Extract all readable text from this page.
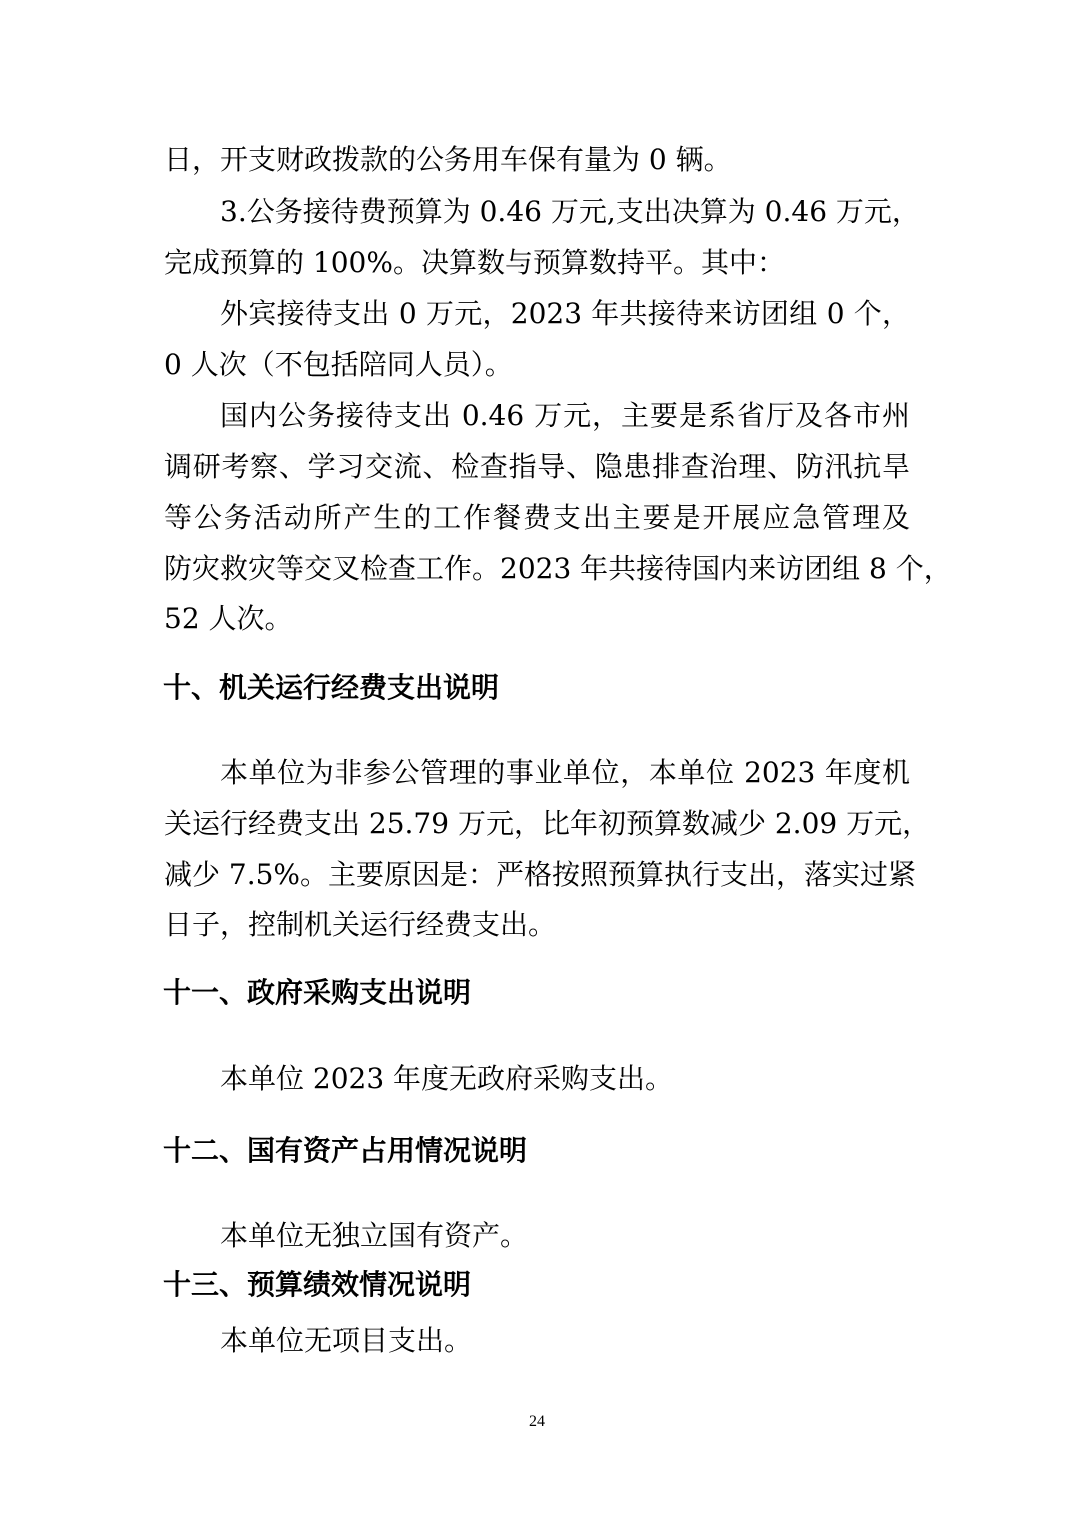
日，开支财政拨款的公务用车保有量为 0 辆。
3.公务接待费预算为 0.46 万元,支出决算为 0.46 万元，
完成预算的 100%。决算数与预算数持平。其中：
外宾接待支出 0 万元，2023 年共接待来访团组 0 个，
0 人次（不包括陪同人员）。
国内公务接待支出 0.46 万元，主要是系省厅及各市州
调研考察、学习交流、检查指导、隐患排查治理、防汛抗旱
等公务活动所产生的工作餐费支出主要是开展应急管理及
防灾救灾等交叉检查工作。2023 年共接待国内来访团组 8 个，
52 人次。
十、机关运行经费支出说明
本单位为非参公管理的事业单位，本单位 2023 年度机
关运行经费支出 25.79 万元，比年初预算数减少 2.09 万元，
减少 7.5%。主要原因是：严格按照预算执行支出，落实过紧
日子，控制机关运行经费支出。
十一、政府采购支出说明
本单位 2023 年度无政府采购支出。
十二、国有资产占用情况说明
本单位无独立国有资产。
十三、预算绩效情况说明
本单位无项目支出。
24
